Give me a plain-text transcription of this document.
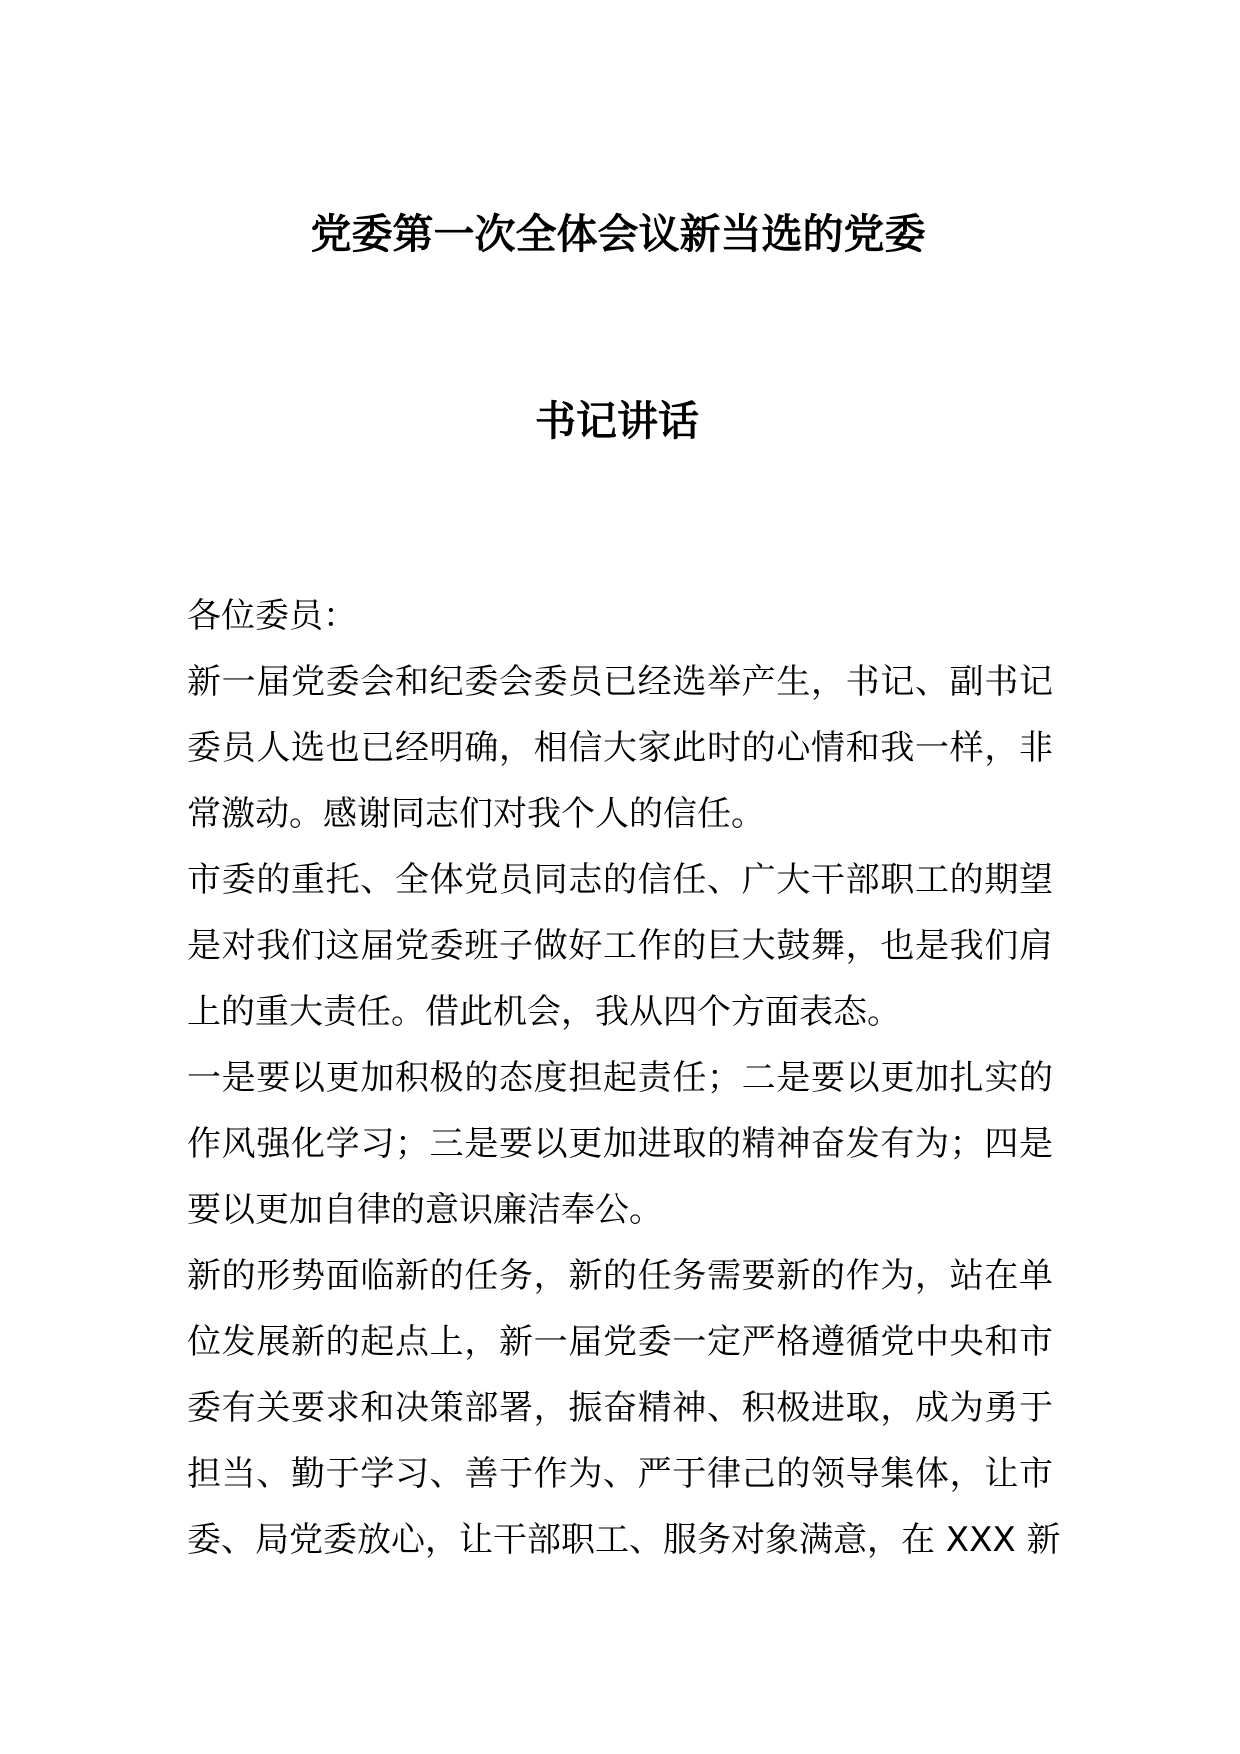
党委第一次全体会议新当选的党委
书记讲话
各位委员：
新一届党委会和纪委会委员已经选举产生，书记、副书记
委员人选也已经明确，相信大家此时的心情和我一样，非
常激动。感谢同志们对我个人的信任。
市委的重托、全体党员同志的信任、广大干部职工的期望
是对我们这届党委班子做好工作的巨大鼓舞，也是我们肩
上的重大责任。借此机会，我从四个方面表态。
一是要以更加积极的态度担起责任；二是要以更加扎实的
作风强化学习；三是要以更加进取的精神奋发有为；四是
要以更加自律的意识廉洁奉公。
新的形势面临新的任务，新的任务需要新的作为，站在单
位发展新的起点上，新一届党委一定严格遵循党中央和市
委有关要求和决策部署，振奋精神、积极进取，成为勇于
担当、勤于学习、善于作为、严于律己的领导集体，让市
委、局党委放心，让干部职工、服务对象满意，在 XXX 新
